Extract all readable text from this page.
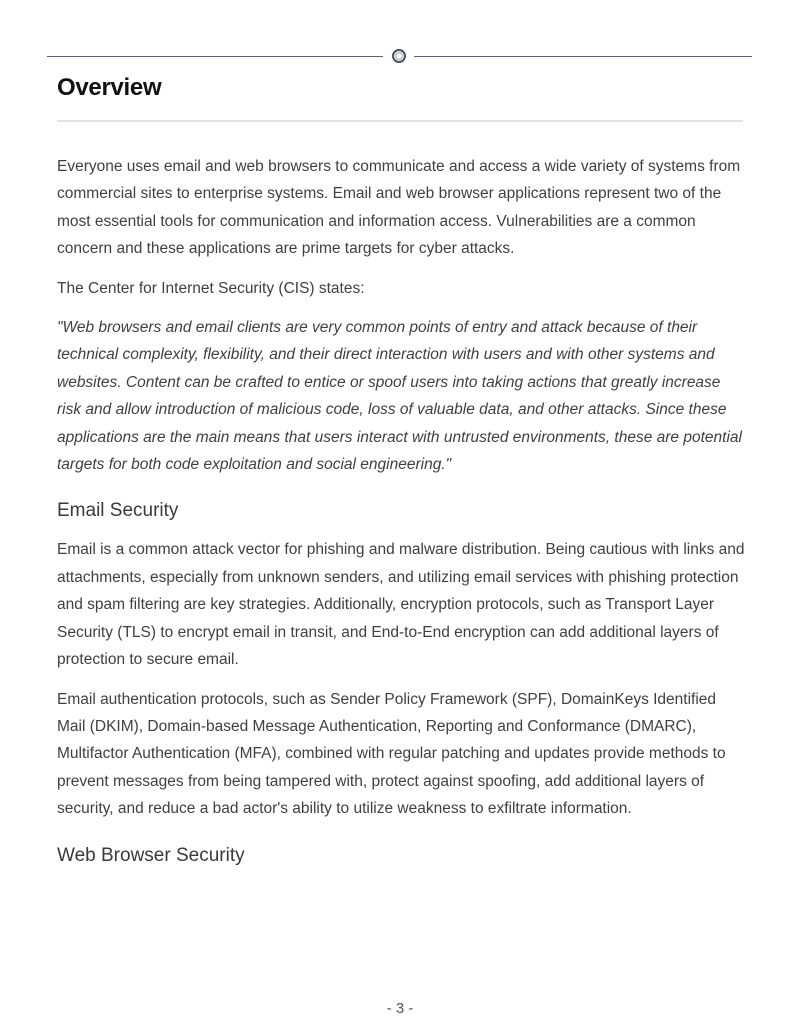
Overview

Everyone uses email and web browsers to communicate and access a wide variety of systems from commercial sites to enterprise systems. Email and web browser applications represent two of the most essential tools for communication and information access. Vulnerabilities are a common concern and these applications are prime targets for cyber attacks.

The Center for Internet Security (CIS) states:

"Web browsers and email clients are very common points of entry and attack because of their technical complexity, flexibility, and their direct interaction with users and with other systems and websites. Content can be crafted to entice or spoof users into taking actions that greatly increase risk and allow introduction of malicious code, loss of valuable data, and other attacks. Since these applications are the main means that users interact with untrusted environments, these are potential targets for both code exploitation and social engineering."

Email Security

Email is a common attack vector for phishing and malware distribution. Being cautious with links and attachments, especially from unknown senders, and utilizing email services with phishing protection and spam filtering are key strategies. Additionally, encryption protocols, such as Transport Layer Security (TLS) to encrypt email in transit, and End-to-End encryption can add additional layers of protection to secure email.

Email authentication protocols, such as Sender Policy Framework (SPF), DomainKeys Identified Mail (DKIM), Domain-based Message Authentication, Reporting and Conformance (DMARC), Multifactor Authentication (MFA), combined with regular patching and updates provide methods to prevent messages from being tampered with, protect against spoofing, add additional layers of security, and reduce a bad actor's ability to utilize weakness to exfiltrate information.

Web Browser Security
- 3 -
